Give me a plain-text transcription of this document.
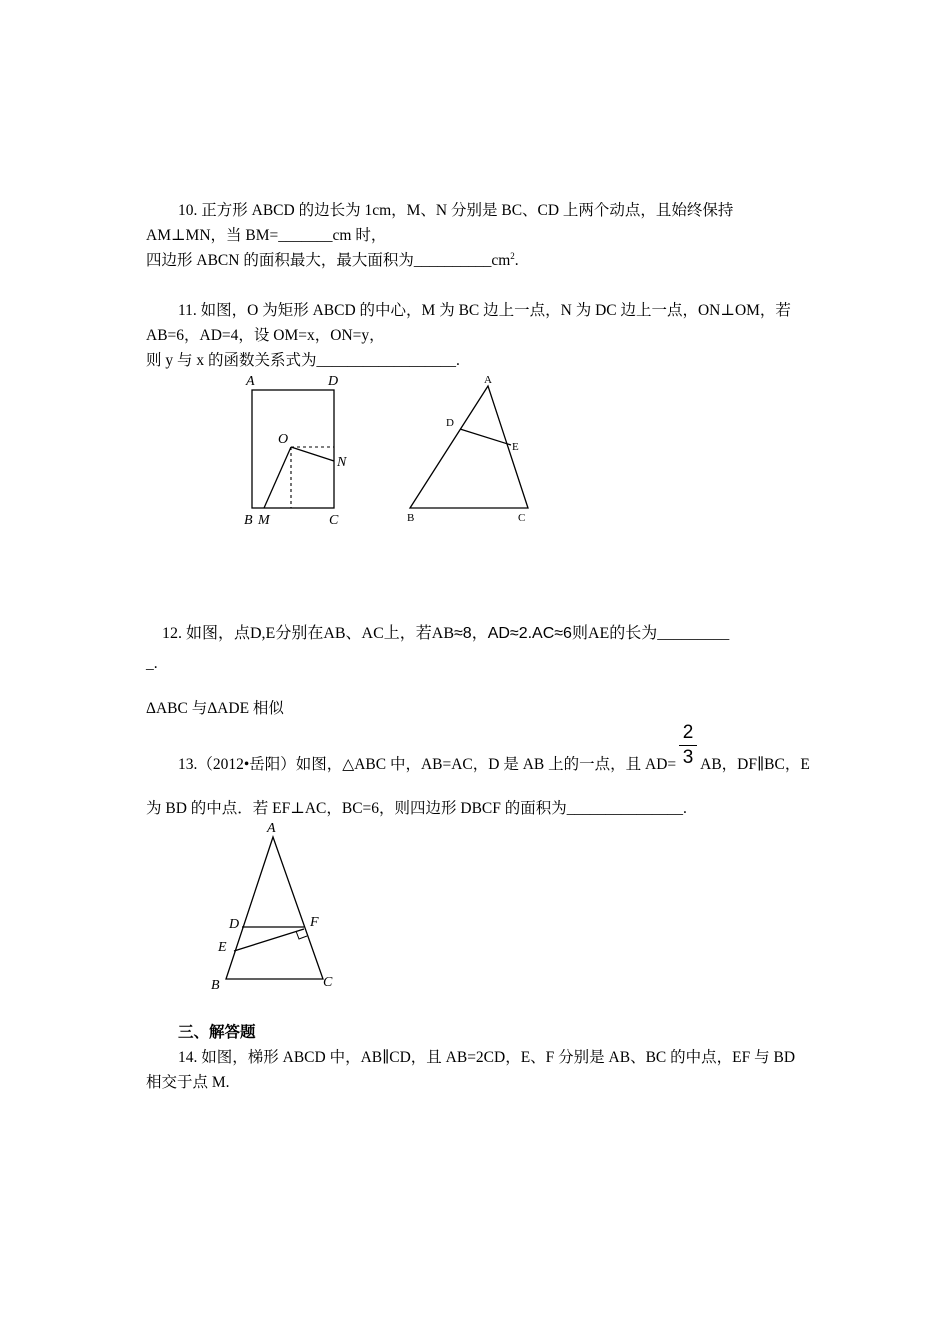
10. 正方形 ABCD 的边长为 1cm，M、N 分别是 BC、CD 上两个动点，且始终保持
AM⊥MN，当 BM=_______cm 时，
四边形 ABCN 的面积最大，最大面积为$\_\_\_\_\_\_\_\_\_\_cm^2$.
11. 如图，O 为矩形 ABCD 的中心，M 为 BC 边上一点，N 为 DC 边上一点，ON⊥OM，若
AB=6，AD=4，设 OM=x，ON=y，
则 y 与 x 的函数关系式为__________________.
A	D
O
N
B M	C
A
D
E
B	C
12. 如图，点D,E分别在AB、AC上，若AB≈8，AD≈2.AC≈6则AE的长为_________
_.
ΔABC 与ΔADE 相似
13.（2012•岳阳）如图，△ABC 中，AB=AC，D 是 AB 上的一点，且 AD= AB，DF∥BC，E
2
3
为 BD 的中点．若 EF⊥AC，BC=6，则四边形 DBCF 的面积为_______________.
A
D	F
E
B	C
三、解答题
14. 如图，梯形 ABCD 中，AB∥CD，且 AB=2CD，E、F 分别是 AB、BC 的中点，EF 与 BD
相交于点 M.
